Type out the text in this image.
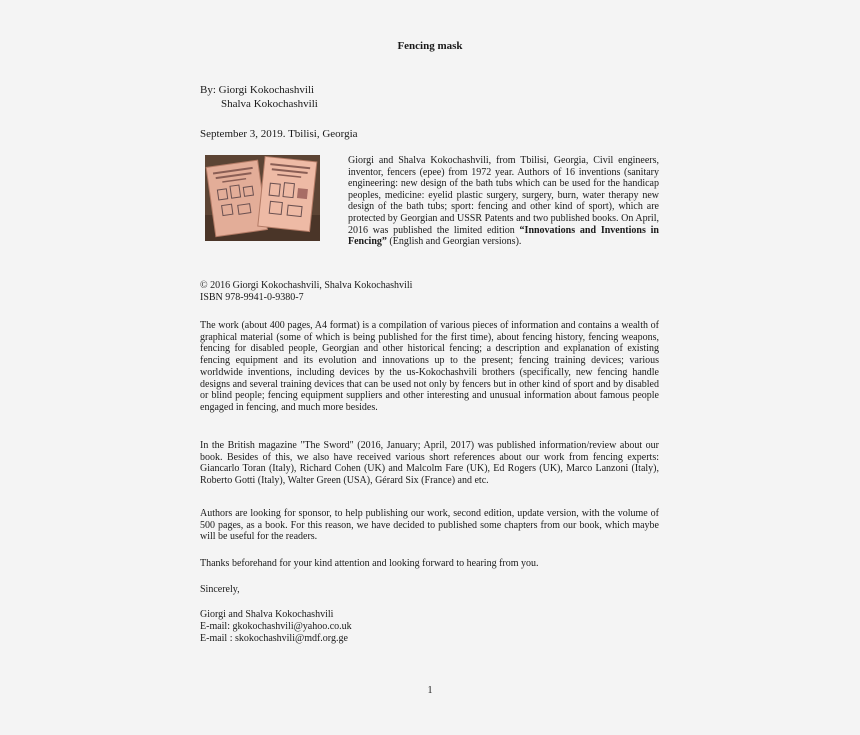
Fencing mask
By: Giorgi Kokochashvili
Shalva Kokochashvili
September 3, 2019. Tbilisi, Georgia
Giorgi and Shalva Kokochashvili, from Tbilisi, Georgia, Civil engineers, inventor, fencers (epee) from 1972 year. Authors of 16 inventions (sanitary engineering: new design of the bath tubs which can be used for the handicap peoples, medicine: eyelid plastic surgery, surgery, burn, water therapy new design of the bath tubs; sport: fencing and other kind of sport), which are protected by Georgian and USSR Patents and two published books. On April, 2016 was published the limited edition “Innovations and Inventions in Fencing” (English and Georgian versions).
© 2016 Giorgi Kokochashvili, Shalva Kokochashvili
ISBN 978-9941-0-9380-7
The work (about 400 pages, A4 format) is a compilation of various pieces of information and contains a wealth of graphical material (some of which is being published for the first time), about fencing history, fencing weapons, fencing for disabled people, Georgian and other historical fencing; a description and explanation of existing fencing equipment and its evolution and innovations up to the present; fencing training devices; various worldwide inventions, including devices by the us-Kokochashvili brothers (specifically, new fencing handle designs and several training devices that can be used not only by fencers but in other kind of sport and by disabled or blind people; fencing equipment suppliers and other interesting and unusual information about famous people engaged in fencing, and much more besides.
In the British magazine "The Sword" (2016, January; April, 2017) was published information/review about our book. Besides of this, we also have received various short references about our work from fencing experts: Giancarlo Toran (Italy), Richard Cohen (UK) and Malcolm Fare (UK), Ed Rogers (UK), Marco Lanzoni (Italy), Roberto Gotti (Italy), Walter Green (USA), Gérard Six (France) and etc.
Authors are looking for sponsor, to help publishing our work, second edition, update version, with the volume of 500 pages, as a book. For this reason, we have decided to published some chapters from our book, which maybe will be useful for the readers.
Thanks beforehand for your kind attention and looking forward to hearing from you.
Sincerely,
Giorgi and Shalva Kokochashvili
E-mail: gkokochashvili@yahoo.co.uk
E-mail : skokochashvili@mdf.org.ge
1
